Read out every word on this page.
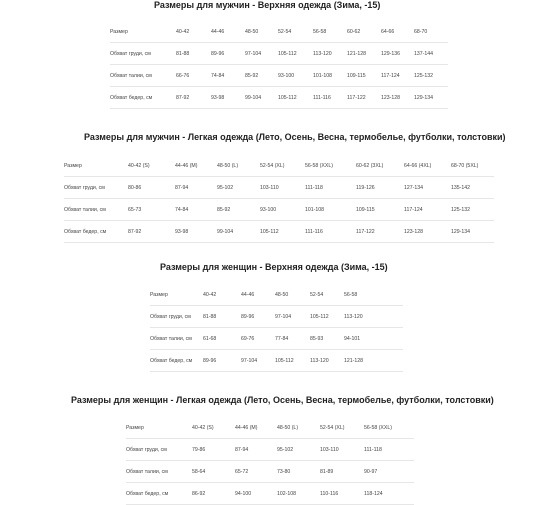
Размеры для мужчин - Верхняя одежда (Зима, -15)
Размер	40-42	44-46	48-50	52-54	56-58	60-62	64-66	68-70
Обхват груди, см	81-88	89-96	97-104	105-112	113-120	121-128	129-136	137-144
Обхват талии, см	66-76	74-84	85-92	93-100	101-108	109-115	117-124	125-132
Обхват бедер, см	87-92	93-98	99-104	105-112	111-116	117-122	123-128	129-134
Размеры для мужчин - Легкая одежда (Лето, Осень, Весна, термобелье, футболки, толстовки)
Размер	40-42 (S)	44-46 (M)	48-50 (L)	52-54 (XL)	56-58 (XXL)	60-62 (3XL)	64-66 (4XL)	68-70 (5XL)
Обхват груди, см	80-86	87-94	95-102	103-110	111-118	119-126	127-134	135-142
Обхват талии, см	65-73	74-84	85-92	93-100	101-108	109-115	117-124	125-132
Обхват бедер, см	87-92	93-98	99-104	105-112	111-116	117-122	123-128	129-134
Размеры для женщин - Верхняя одежда (Зима, -15)
Размер	40-42	44-46	48-50	52-54	56-58
Обхват груди, см	81-88	89-96	97-104	105-112	113-120
Обхват талии, см	61-68	69-76	77-84	85-93	94-101
Обхват бедер, см	89-96	97-104	105-112	113-120	121-128
Размеры для женщин - Легкая одежда (Лето, Осень, Весна, термобелье, футболки, толстовки)
Размер	40-42 (S)	44-46 (M)	48-50 (L)	52-54 (XL)	56-58 (XXL)
Обхват груди, см	79-86	87-94	95-102	103-110	111-118
Обхват талии, см	58-64	65-72	73-80	81-89	90-97
Обхват бедер, см	86-92	94-100	102-108	110-116	118-124
